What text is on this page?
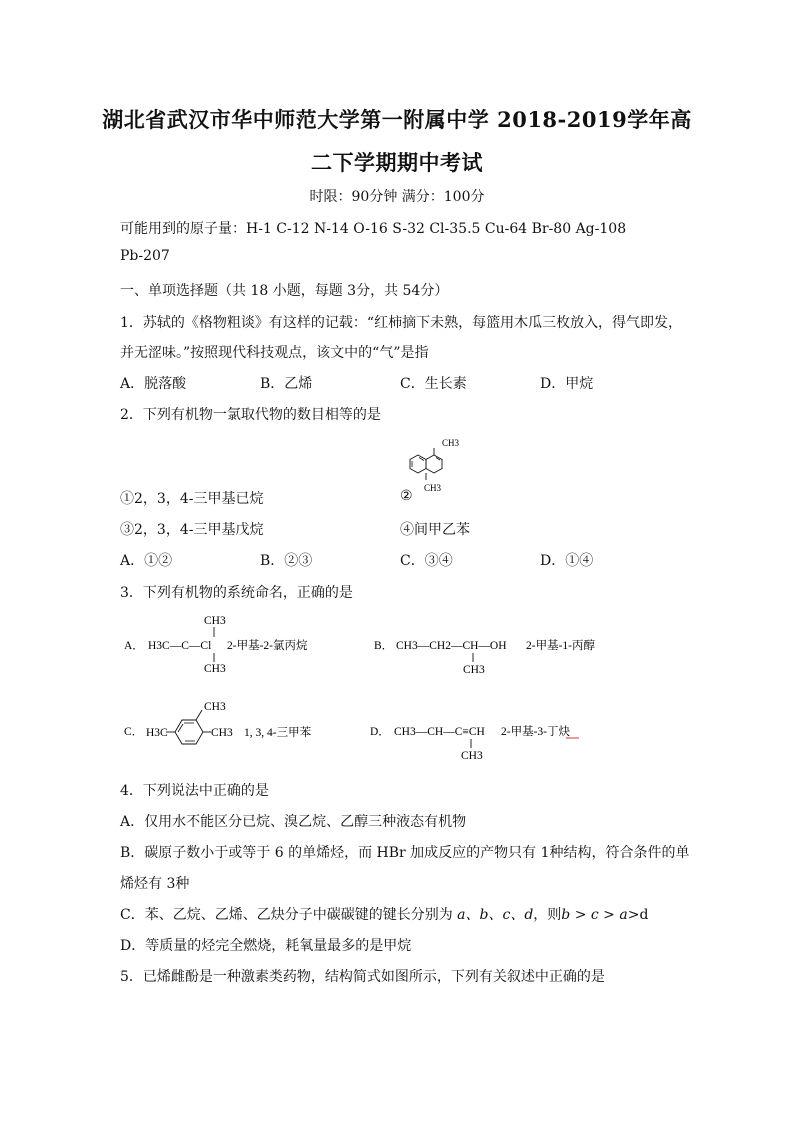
湖北省武汉市华中师范大学第一附属中学 2018-2019学年高
二下学期期中考试
时限：90分钟 满分：100分
可能用到的原子量：H-1 C-12 N-14 O-16 S-32 Cl-35.5 Cu-64 Br-80 Ag-108
Pb-207
一、单项选择题（共 18 小题，每题 3分，共 54分）
1．苏轼的《格物粗谈》有这样的记载：“红柿摘下未熟，每篮用木瓜三枚放入，得气即发，
并无涩味。”按照现代科技观点，该文中的“气”是指
A．脱落酸	B．乙烯	C．生长素	D．甲烷
2．下列有机物一氯取代物的数目相等的是
CH3
CH3
①2，3，4-三甲基已烷	②
③2，3，4-三甲基戊烷	④间甲乙苯
A．①②	B．②③	C．③④	D．①④
3．下列有机物的系统命名，正确的是
A．
CH3
H3C—C—Cl
CH3
2-甲基-2-氯丙烷	B． CH3—CH2—CH—OH
CH3
2-甲基-1-丙醇
C． H3C
CH3
CH3 1, 3, 4-三甲苯	D． CH3—CH—C≡CH
CH3
2-甲基-3-丁炔
4．下列说法中正确的是
A．仅用水不能区分已烷、溴乙烷、乙醇三种液态有机物
B．碳原子数小于或等于 6 的单烯烃，而 HBr 加成反应的产物只有 1种结构，符合条件的单
烯烃有 3种
C．苯、乙烷、乙烯、乙炔分子中碳碳键的键长分别为 a、b、c、d，则b > c > a>d
D．等质量的烃完全燃烧，耗氧量最多的是甲烷
5．已烯雌酚是一种激素类药物，结构简式如图所示，下列有关叙述中正确的是
